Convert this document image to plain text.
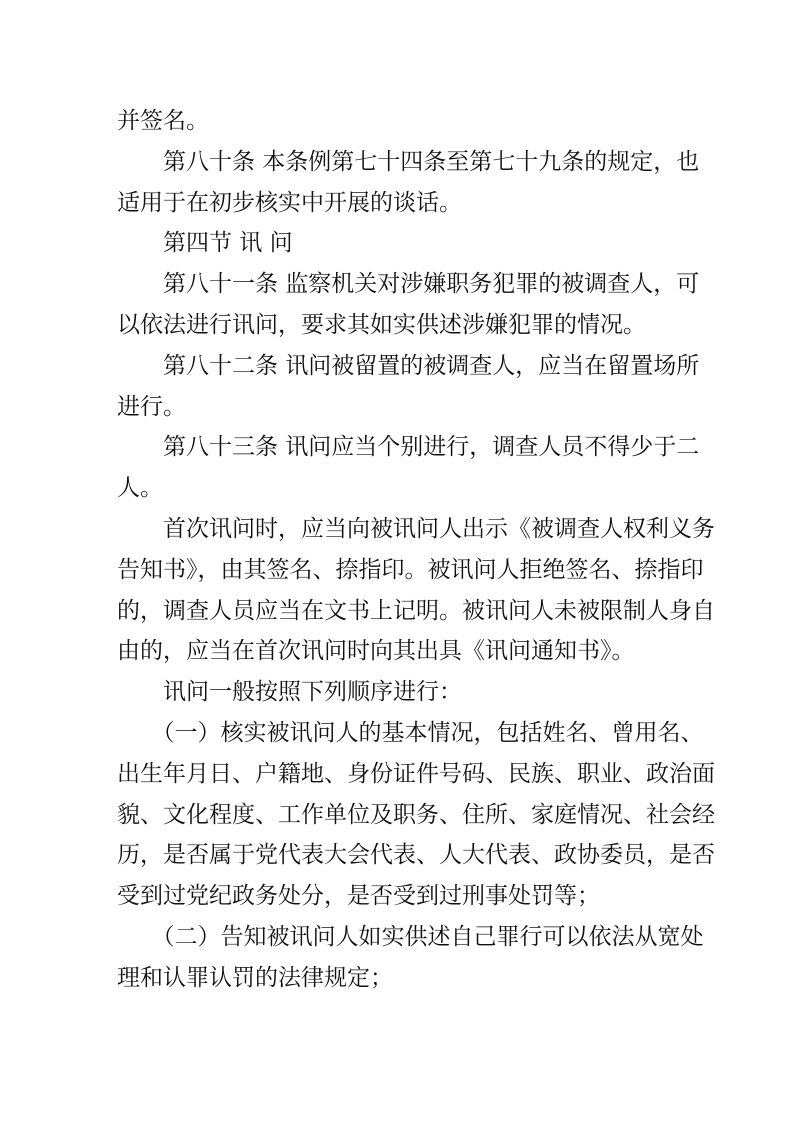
并签名。

　　第八十条 本条例第七十四条至第七十九条的规定，也

适用于在初步核实中开展的谈话。

　　第四节 讯 问

　　第八十一条 监察机关对涉嫌职务犯罪的被调查人，可

以依法进行讯问，要求其如实供述涉嫌犯罪的情况。

　　第八十二条 讯问被留置的被调查人，应当在留置场所

进行。

　　第八十三条 讯问应当个别进行，调查人员不得少于二

人。

　　首次讯问时，应当向被讯问人出示《被调查人权利义务

告知书》，由其签名、捺指印。被讯问人拒绝签名、捺指印

的，调查人员应当在文书上记明。被讯问人未被限制人身自

由的，应当在首次讯问时向其出具《讯问通知书》。

　　讯问一般按照下列顺序进行：

　　（一）核实被讯问人的基本情况，包括姓名、曾用名、

出生年月日、户籍地、身份证件号码、民族、职业、政治面

貌、文化程度、工作单位及职务、住所、家庭情况、社会经

历，是否属于党代表大会代表、人大代表、政协委员，是否

受到过党纪政务处分，是否受到过刑事处罚等；

　　（二）告知被讯问人如实供述自己罪行可以依法从宽处

理和认罪认罚的法律规定；
